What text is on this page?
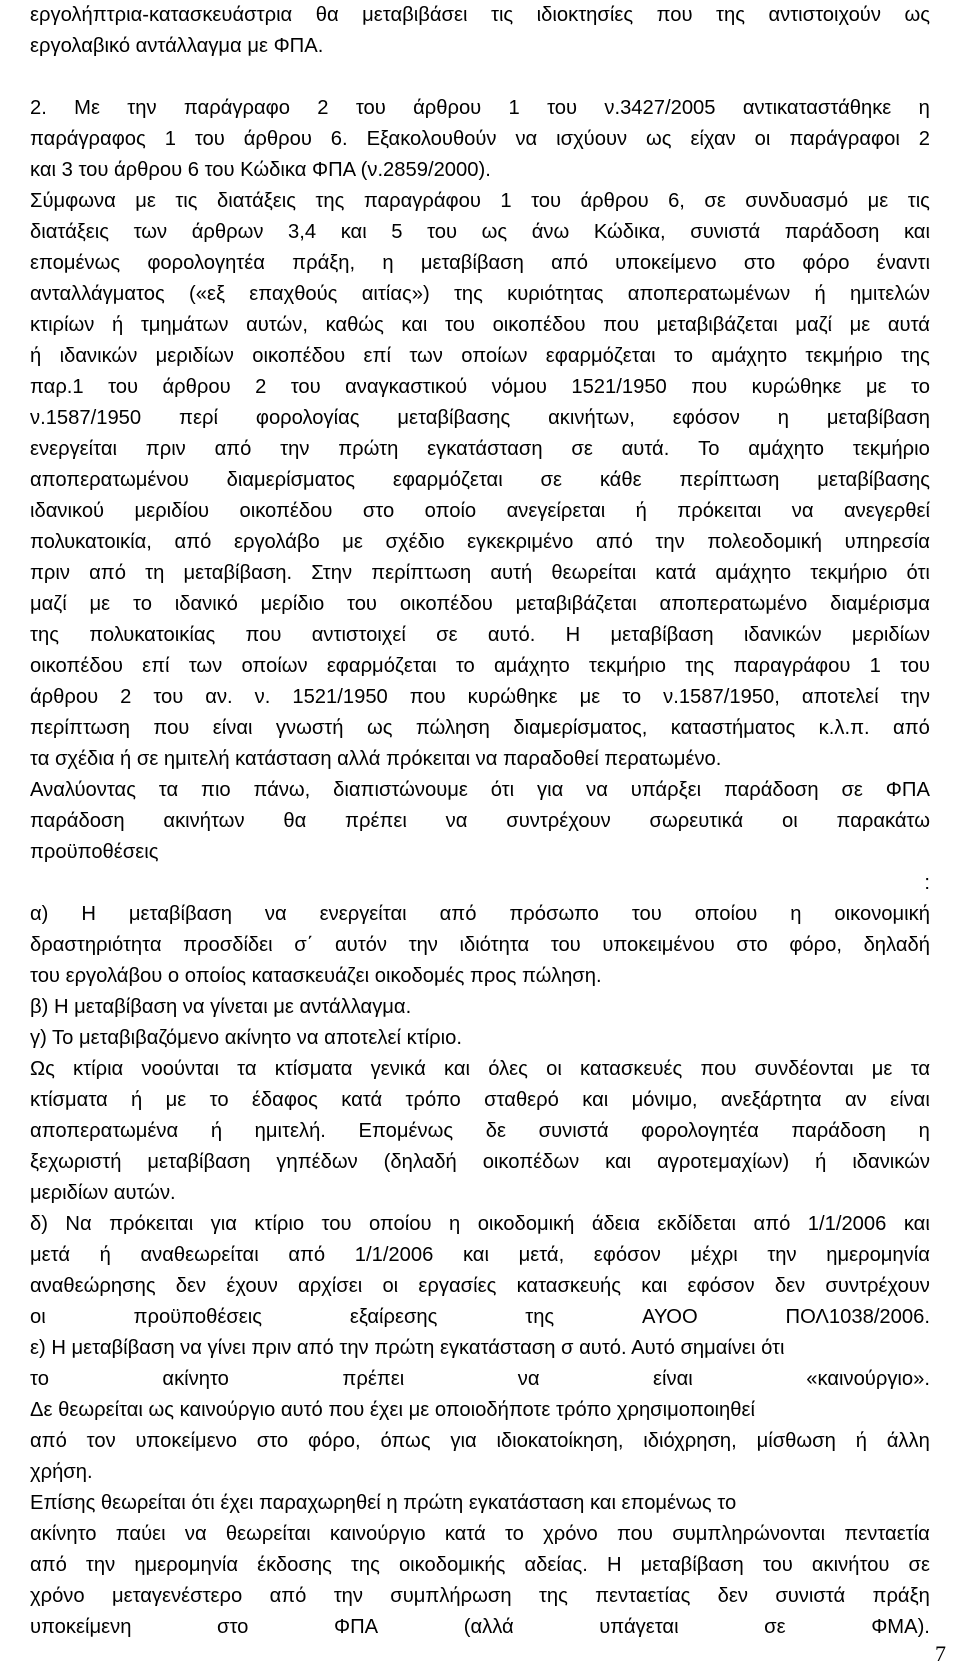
εργολήπτρια-κατασκευάστρια θα μεταβιβάσει τις ιδιοκτησίες που της αντιστοιχούν ως
εργολαβικό αντάλλαγμα με ΦΠΑ.
2. Με την παράγραφο 2 του άρθρου 1 του ν.3427/2005 αντικαταστάθηκε η
παράγραφος 1 του άρθρου 6. Εξακολουθούν να ισχύουν ως είχαν οι παράγραφοι 2
και 3 του άρθρου 6 του Κώδικα ΦΠΑ (ν.2859/2000).
Σύμφωνα με τις διατάξεις της παραγράφου 1 του άρθρου 6, σε συνδυασμό με τις
διατάξεις των άρθρων 3,4 και 5 του ως άνω Κώδικα, συνιστά παράδοση και
επομένως φορολογητέα πράξη, η μεταβίβαση από υποκείμενο στο φόρο έναντι
ανταλλάγματος («εξ επαχθούς αιτίας») της κυριότητας αποπερατωμένων ή ημιτελών
κτιρίων ή τμημάτων αυτών, καθώς και του οικοπέδου που μεταβιβάζεται μαζί με αυτά
ή ιδανικών μεριδίων οικοπέδου επί των οποίων εφαρμόζεται το αμάχητο τεκμήριο της
παρ.1 του άρθρου 2 του αναγκαστικού νόμου 1521/1950 που κυρώθηκε με το
ν.1587/1950 περί φορολογίας μεταβίβασης ακινήτων, εφόσον η μεταβίβαση
ενεργείται πριν από την πρώτη εγκατάσταση σε αυτά. Το αμάχητο τεκμήριο
αποπερατωμένου διαμερίσματος εφαρμόζεται σε κάθε περίπτωση μεταβίβασης
ιδανικού μεριδίου οικοπέδου στο οποίο ανεγείρεται ή πρόκειται να ανεγερθεί
πολυκατοικία, από εργολάβο με σχέδιο εγκεκριμένο από την πολεοδομική υπηρεσία
πριν από τη μεταβίβαση. Στην περίπτωση αυτή θεωρείται κατά αμάχητο τεκμήριο ότι
μαζί με το ιδανικό μερίδιο του οικοπέδου μεταβιβάζεται αποπερατωμένο διαμέρισμα
της πολυκατοικίας που αντιστοιχεί σε αυτό. Η μεταβίβαση ιδανικών μεριδίων
οικοπέδου επί των οποίων εφαρμόζεται το αμάχητο τεκμήριο της παραγράφου 1 του
άρθρου 2 του αν. ν. 1521/1950 που κυρώθηκε με το ν.1587/1950, αποτελεί την
περίπτωση που είναι γνωστή ως πώληση διαμερίσματος, καταστήματος κ.λ.π. από
τα σχέδια ή σε ημιτελή κατάσταση αλλά πρόκειται να παραδοθεί περατωμένο.
Αναλύοντας τα πιο πάνω, διαπιστώνουμε ότι για να υπάρξει παράδοση σε ΦΠΑ
παράδοση ακινήτων θα πρέπει να συντρέχουν σωρευτικά οι παρακάτω
προϋποθέσεις
:
α) Η μεταβίβαση να ενεργείται από πρόσωπο του οποίου η οικονομική
δραστηριότητα προσδίδει σ΄ αυτόν την ιδιότητα του υποκειμένου στο φόρο, δηλαδή
του εργολάβου ο οποίος κατασκευάζει οικοδομές προς πώληση.
β) Η μεταβίβαση να γίνεται με αντάλλαγμα.
γ) Το μεταβιβαζόμενο ακίνητο να αποτελεί κτίριο.
Ως κτίρια νοούνται τα κτίσματα γενικά και όλες οι κατασκευές που συνδέονται με τα
κτίσματα ή με το έδαφος κατά τρόπο σταθερό και μόνιμο, ανεξάρτητα αν είναι
αποπερατωμένα ή ημιτελή. Επομένως δε συνιστά φορολογητέα παράδοση η
ξεχωριστή μεταβίβαση γηπέδων (δηλαδή οικοπέδων και αγροτεμαχίων) ή ιδανικών
μεριδίων αυτών.
δ) Να πρόκειται για κτίριο του οποίου η οικοδομική άδεια εκδίδεται από 1/1/2006 και
μετά ή αναθεωρείται από 1/1/2006 και μετά, εφόσον μέχρι την ημερομηνία
αναθεώρησης δεν έχουν αρχίσει οι εργασίες κατασκευής και εφόσον δεν συντρέχουν
οι	προϋποθέσεις	εξαίρεσης	της	ΑΥΟΟ	ΠΟΛ1038/2006.
ε) Η μεταβίβαση να γίνει πριν από την πρώτη εγκατάσταση σ αυτό. Αυτό σημαίνει ότι
το	ακίνητο	πρέπει	να	είναι	«καινούργιο».
Δε θεωρείται ως καινούργιο αυτό που έχει με οποιοδήποτε τρόπο χρησιμοποιηθεί
από τον υποκείμενο στο φόρο, όπως για ιδιοκατοίκηση, ιδιόχρηση, μίσθωση ή άλλη
χρήση.
Επίσης θεωρείται ότι έχει παραχωρηθεί η πρώτη εγκατάσταση και επομένως το
ακίνητο παύει να θεωρείται καινούργιο κατά το χρόνο που συμπληρώνονται πενταετία
από την ημερομηνία έκδοσης της οικοδομικής αδείας. Η μεταβίβαση του ακινήτου σε
χρόνο μεταγενέστερο από την συμπλήρωση της πενταετίας δεν συνιστά πράξη
υποκείμενη	στο	ΦΠΑ	(αλλά	υπάγεται	σε	ΦΜΑ).
7
